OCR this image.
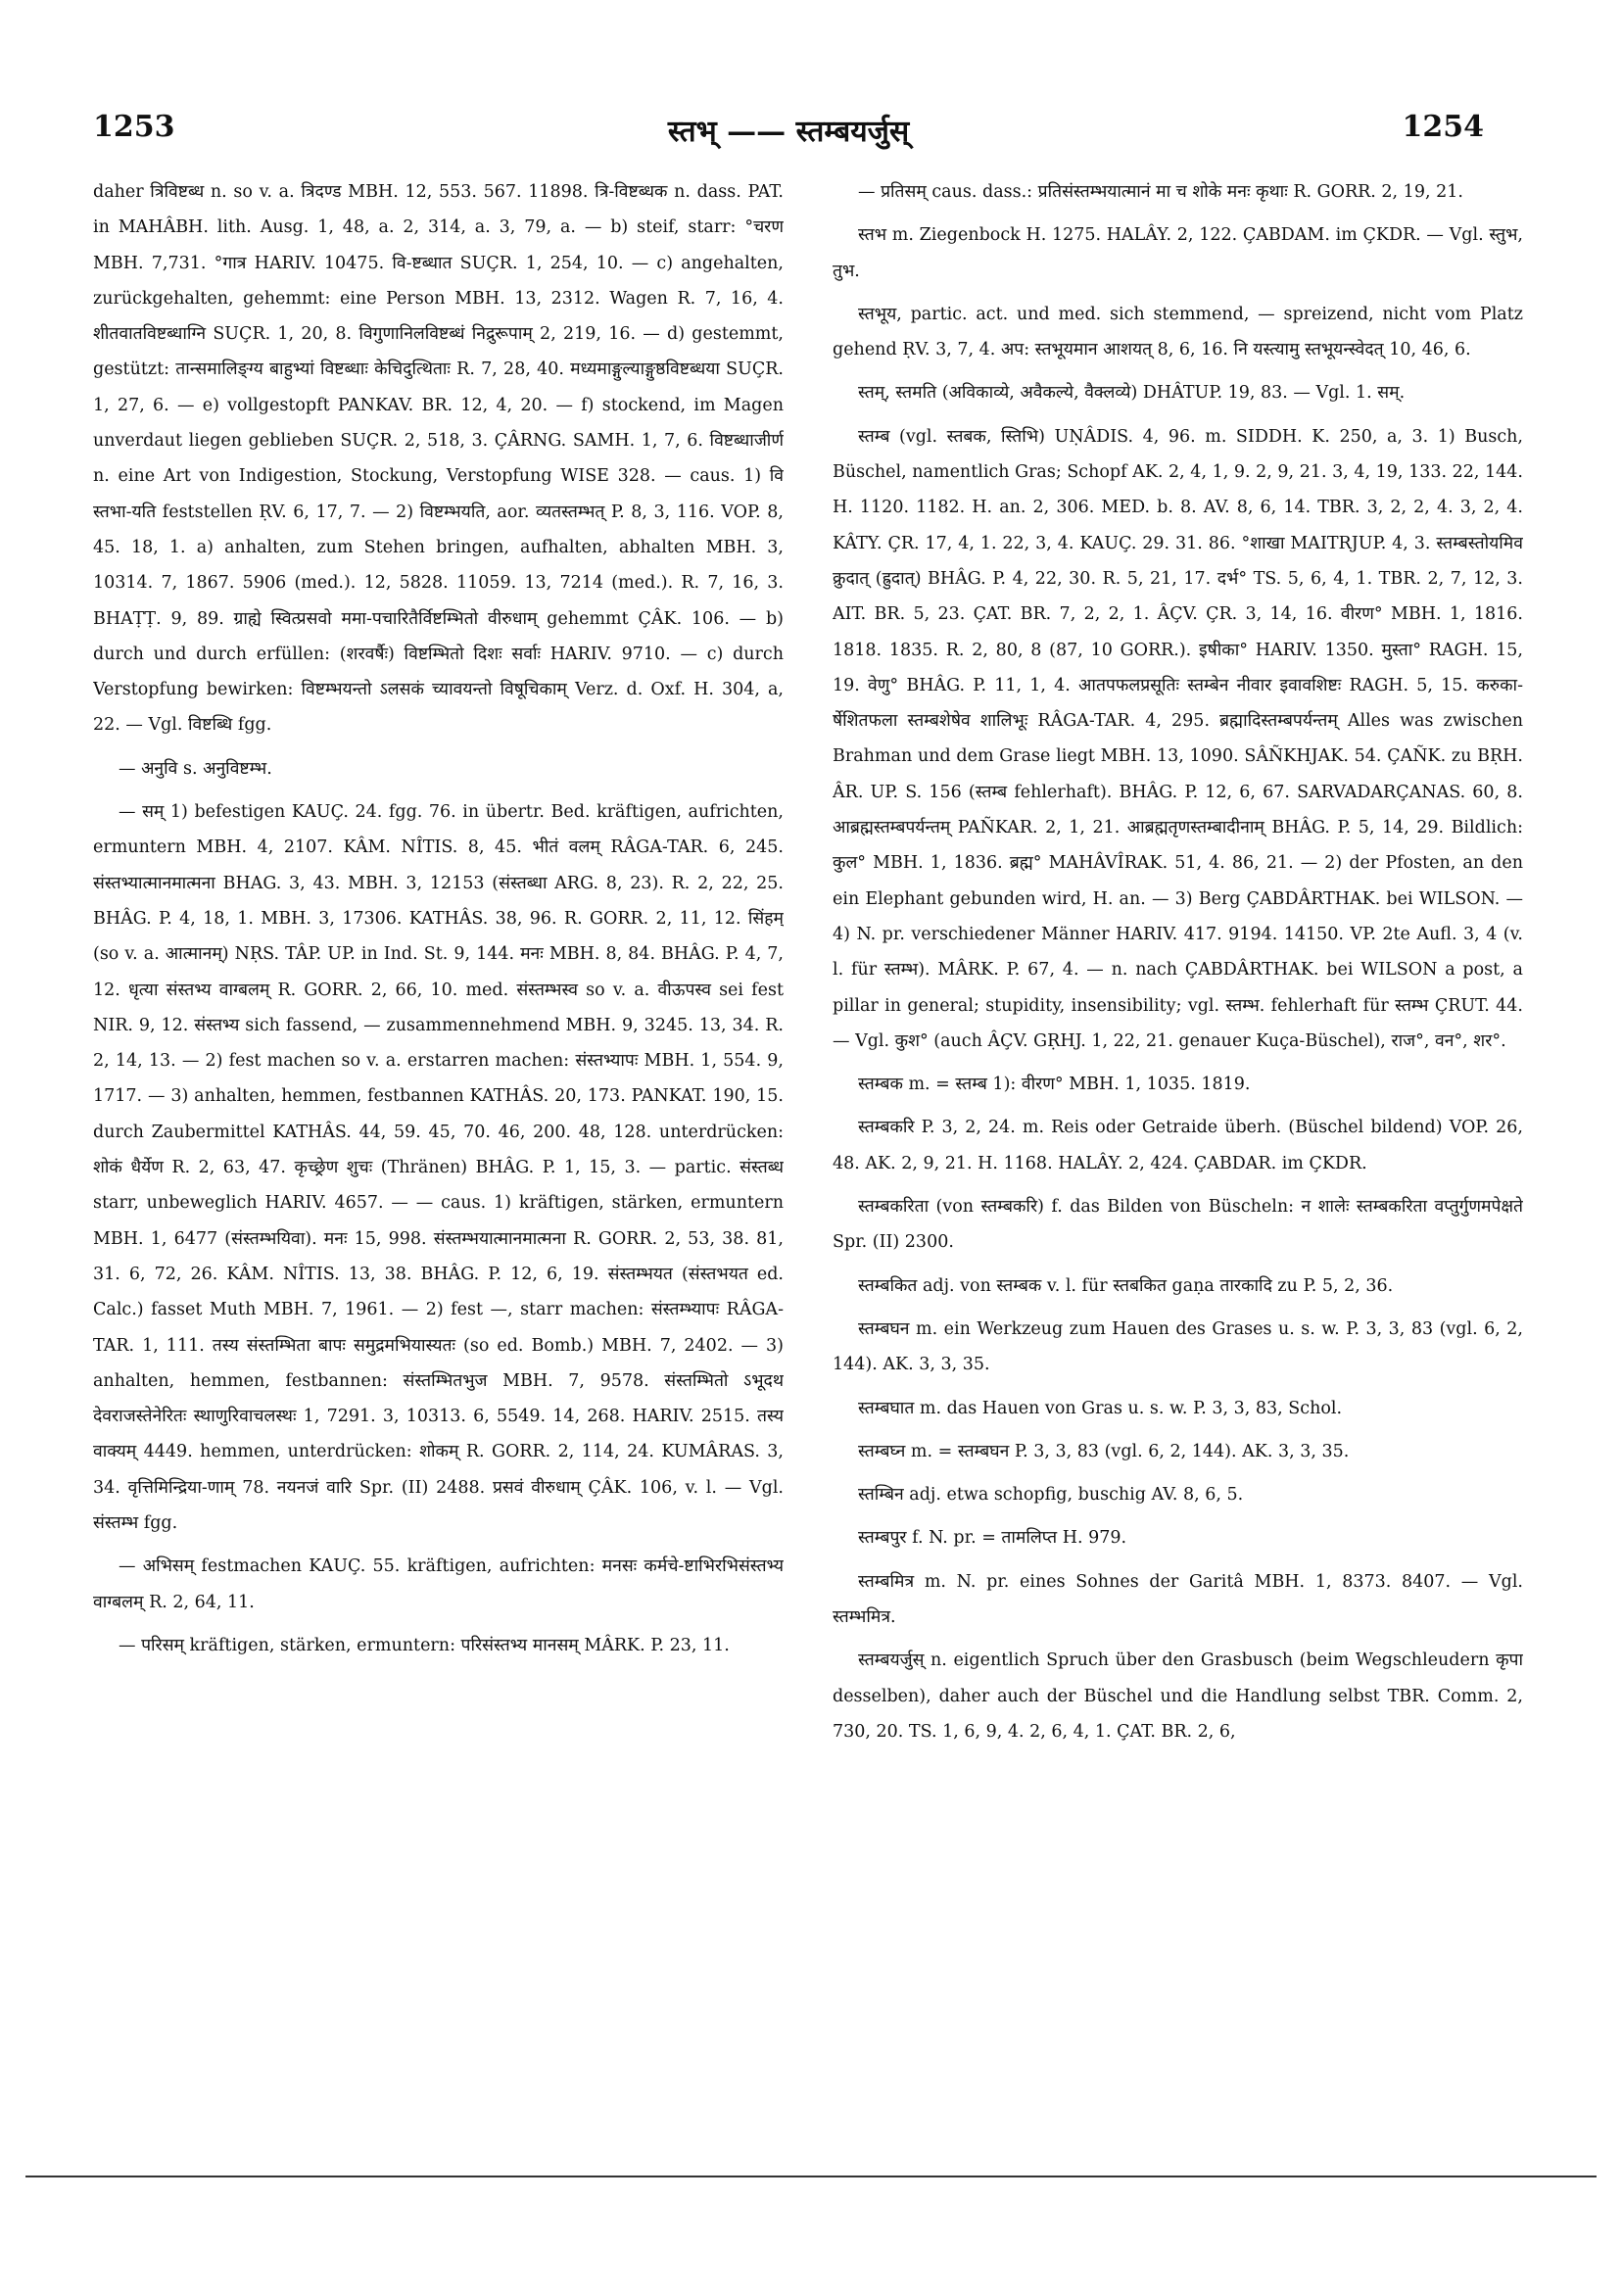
1253	स्तभ् —— स्तम्बयर्जुस्	1254

daher त्रिविष्टब्ध n. so v. a. त्रिदण्ड MBH. 12, 553. 567. 11898. त्रि-विष्टब्धक n. dass. PAT. in MAHÂBH. lith. Ausg. 1, 48, a. 2, 314, a. 3, 79, a. — b) steif, starr: °चरण MBH. 7,731. °गात्र HARIV. 10475. वि-ष्टब्धात SUÇR. 1, 254, 10. — c) angehalten, zurückgehalten, gehemmt: eine Person MBH. 13, 2312. Wagen R. 7, 16, 4. शीतवातविष्टब्धाग्नि SUÇR. 1, 20, 8. विगुणानिलविष्टब्धं निद्रुरूपाम् 2, 219, 16. — d) gestemmt, gestützt: तान्समालिङ्ग्य बाहुभ्यां विष्टब्धाः केचिदुत्थिताः R. 7, 28, 40. मध्यमाङ्गुल्याङ्गुष्ठविष्टब्धया SUÇR. 1, 27, 6. — e) vollgestopft PANKAV. BR. 12, 4, 20. — f) stockend, im Magen unverdaut liegen geblieben SUÇR. 2, 518, 3. ÇÂRNG. SAMH. 1, 7, 6. विष्टब्धाजीर्ण n. eine Art von Indigestion, Stockung, Verstopfung WISE 328. — caus. 1) वि स्तभा-यति feststellen ṚV. 6, 17, 7. — 2) विष्टम्भयति, aor. व्यतस्तम्भत् P. 8, 3, 116. VOP. 8, 45. 18, 1. a) anhalten, zum Stehen bringen, aufhalten, abhalten MBH. 3, 10314. 7, 1867. 5906 (med.). 12, 5828. 11059. 13, 7214 (med.). R. 7, 16, 3. BHAṬṬ. 9, 89. ग्राह्ये स्वित्प्रसवो ममा-पचारितैर्विष्टम्भितो वीरुधाम् gehemmt ÇÂK. 106. — b) durch und durch erfüllen: (शरवर्षैः) विष्टम्भितो दिशः सर्वाः HARIV. 9710. — c) durch Verstopfung bewirken: विष्टम्भयन्तो ऽलसकं च्यावयन्तो विषूचिकाम् Verz. d. Oxf. H. 304, a, 22. — Vgl. विष्टब्धि fgg.

— अनुवि s. अनुविष्टम्भ.

— सम् 1) befestigen KAUÇ. 24. fgg. 76. in übertr. Bed. kräftigen, aufrichten, ermuntern MBH. 4, 2107. KÂM. NÎTIS. 8, 45. भीतं वलम् RÂGA-TAR. 6, 245. संस्तभ्यात्मानमात्मना BHAG. 3, 43. MBH. 3, 12153 (संस्तब्धा ARG. 8, 23). R. 2, 22, 25. BHÂG. P. 4, 18, 1. MBH. 3, 17306. KATHÂS. 38, 96. R. GORR. 2, 11, 12. सिंहम् (so v. a. आत्मानम्) NṚS. TÂP. UP. in Ind. St. 9, 144. मनः MBH. 8, 84. BHÂG. P. 4, 7, 12. धृत्या संस्तभ्य वाग्बलम् R. GORR. 2, 66, 10. med. संस्तम्भस्व so v. a. वीऊपस्व sei fest NIR. 9, 12. संस्तभ्य sich fassend, — zusammennehmend MBH. 9, 3245. 13, 34. R. 2, 14, 13. — 2) fest machen so v. a. erstarren machen: संस्तभ्यापः MBH. 1, 554. 9, 1717. — 3) anhalten, hemmen, festbannen KATHÂS. 20, 173. PANKAT. 190, 15. durch Zaubermittel KATHÂS. 44, 59. 45, 70. 46, 200. 48, 128. unterdrücken: शोकं धैर्येण R. 2, 63, 47. कृच्छ्रेण शुचः (Thränen) BHÂG. P. 1, 15, 3. — partic. संस्तब्ध starr, unbeweglich HARIV. 4657. — — caus. 1) kräftigen, stärken, ermuntern MBH. 1, 6477 (संस्तम्भयिवा). मनः 15, 998. संस्तम्भयात्मानमात्मना R. GORR. 2, 53, 38. 81, 31. 6, 72, 26. KÂM. NÎTIS. 13, 38. BHÂG. P. 12, 6, 19. संस्तम्भयत (संस्तभयत ed. Calc.) fasset Muth MBH. 7, 1961. — 2) fest —, starr machen: संस्तम्भ्यापः RÂGA-TAR. 1, 111. तस्य संस्तम्भिता बापः समुद्रमभियास्यतः (so ed. Bomb.) MBH. 7, 2402. — 3) anhalten, hemmen, festbannen: संस्तम्भितभुज MBH. 7, 9578. संस्तम्भितो ऽभूदथ देवराजस्तेनेरितः स्थाणुरिवाचलस्थः 1, 7291. 3, 10313. 6, 5549. 14, 268. HARIV. 2515. तस्य वाक्यम् 4449. hemmen, unterdrücken: शोकम् R. GORR. 2, 114, 24. KUMÂRAS. 3, 34. वृत्तिमिन्द्रिया-णाम् 78. नयनजं वारि Spr. (II) 2488. प्रसवं वीरुधाम् ÇÂK. 106, v. l. — Vgl. संस्तम्भ fgg.

— अभिसम् festmachen KAUÇ. 55. kräftigen, aufrichten: मनसः कर्मचे-ष्टाभिरभिसंस्तभ्य वाग्बलम् R. 2, 64, 11.

— परिसम् kräftigen, stärken, ermuntern: परिसंस्तभ्य मानसम् MÂRK. P. 23, 11.

— प्रतिसम् caus. dass.: प्रतिसंस्तम्भयात्मानं मा च शोके मनः कृथाः R. GORR. 2, 19, 21.

स्तभ m. Ziegenbock H. 1275. HALÂY. 2, 122. ÇABDAM. im ÇKDR. — Vgl. स्तुभ, तुभ.

स्तभूय, partic. act. und med. sich stemmend, — spreizend, nicht vom Platz gehend ṚV. 3, 7, 4. अप: स्तभूयमान आशयत् 8, 6, 16. नि यस्त्यामु स्तभूयन्स्वेदत् 10, 46, 6.

स्तम्, स्तमति (अविकाव्ये, अवैकल्ये, वैक्लव्ये) DHÂTUP. 19, 83. — Vgl. 1. सम्.

स्तम्ब (vgl. स्तबक, स्तिभि) UṆÂDIS. 4, 96. m. SIDDH. K. 250, a, 3. 1) Busch, Büschel, namentlich Gras; Schopf AK. 2, 4, 1, 9. 2, 9, 21. 3, 4, 19, 133. 22, 144. H. 1120. 1182. H. an. 2, 306. MED. b. 8. AV. 8, 6, 14. TBR. 3, 2, 2, 4. 3, 2, 4. KÂTY. ÇR. 17, 4, 1. 22, 3, 4. KAUÇ. 29. 31. 86. °शाखा MAITRJUP. 4, 3. स्तम्बस्तोयमिव क्रुदात् (ह्रुदात्) BHÂG. P. 4, 22, 30. R. 5, 21, 17. दर्भ° TS. 5, 6, 4, 1. TBR. 2, 7, 12, 3. AIT. BR. 5, 23. ÇAT. BR. 7, 2, 2, 1. ÂÇV. ÇR. 3, 14, 16. वीरण° MBH. 1, 1816. 1818. 1835. R. 2, 80, 8 (87, 10 GORR.). इषीका° HARIV. 1350. मुस्ता° RAGH. 15, 19. वेणु° BHÂG. P. 11, 1, 4. आतपफलप्रसूतिः स्तम्बेन नीवार इवावशिष्टः RAGH. 5, 15. करुका-र्षेशितफला स्तम्बशेषेव शालिभूः RÂGA-TAR. 4, 295. ब्रह्मादिस्तम्बपर्यन्तम् Alles was zwischen Brahman und dem Grase liegt MBH. 13, 1090. SÂÑKHJAK. 54. ÇAÑK. zu BṚH. ÂR. UP. S. 156 (स्तम्ब fehlerhaft). BHÂG. P. 12, 6, 67. SARVADARÇANAS. 60, 8. आब्रह्मस्तम्बपर्यन्तम् PAÑKAR. 2, 1, 21. आब्रह्मतृणस्तम्बादीनाम् BHÂG. P. 5, 14, 29. Bildlich: कुल° MBH. 1, 1836. ब्रह्म° MAHÂVÎRAK. 51, 4. 86, 21. — 2) der Pfosten, an den ein Elephant gebunden wird, H. an. — 3) Berg ÇABDÂRTHAK. bei WILSON. — 4) N. pr. verschiedener Männer HARIV. 417. 9194. 14150. VP. 2te Aufl. 3, 4 (v. l. für स्तम्भ). MÂRK. P. 67, 4. — n. nach ÇABDÂRTHAK. bei WILSON a post, a pillar in general; stupidity, insensibility; vgl. स्तम्भ. fehlerhaft für स्तम्भ ÇRUT. 44. — Vgl. कुश° (auch ÂÇV. GṚHJ. 1, 22, 21. genauer Kuça-Büschel), राज°, वन°, शर°.

स्तम्बक m. = स्तम्ब 1): वीरण° MBH. 1, 1035. 1819.

स्तम्बकरि P. 3, 2, 24. m. Reis oder Getraide überh. (Büschel bildend) VOP. 26, 48. AK. 2, 9, 21. H. 1168. HALÂY. 2, 424. ÇABDAR. im ÇKDR.

स्तम्बकरिता (von स्तम्बकरि) f. das Bilden von Büscheln: न शालेः स्तम्बकरिता वप्तुर्गुणमपेक्षते Spr. (II) 2300.

स्तम्बकित adj. von स्तम्बक v. l. für स्तबकित gaṇa तारकादि zu P. 5, 2, 36.

स्तम्बघन m. ein Werkzeug zum Hauen des Grases u. s. w. P. 3, 3, 83 (vgl. 6, 2, 144). AK. 3, 3, 35.

स्तम्बघात m. das Hauen von Gras u. s. w. P. 3, 3, 83, Schol.

स्तम्बघ्न m. = स्तम्बघन P. 3, 3, 83 (vgl. 6, 2, 144). AK. 3, 3, 35.

स्तम्बिन adj. etwa schopfig, buschig AV. 8, 6, 5.

स्तम्बपुर f. N. pr. = तामलिप्त H. 979.

स्तम्बमित्र m. N. pr. eines Sohnes der Garitâ MBH. 1, 8373. 8407. — Vgl. स्तम्भमित्र.

स्तम्बयर्जुस् n. eigentlich Spruch über den Grasbusch (beim Wegschleudern कृपा desselben), daher auch der Büschel und die Handlung selbst TBR. Comm. 2, 730, 20. TS. 1, 6, 9, 4. 2, 6, 4, 1. ÇAT. BR. 2, 6,
